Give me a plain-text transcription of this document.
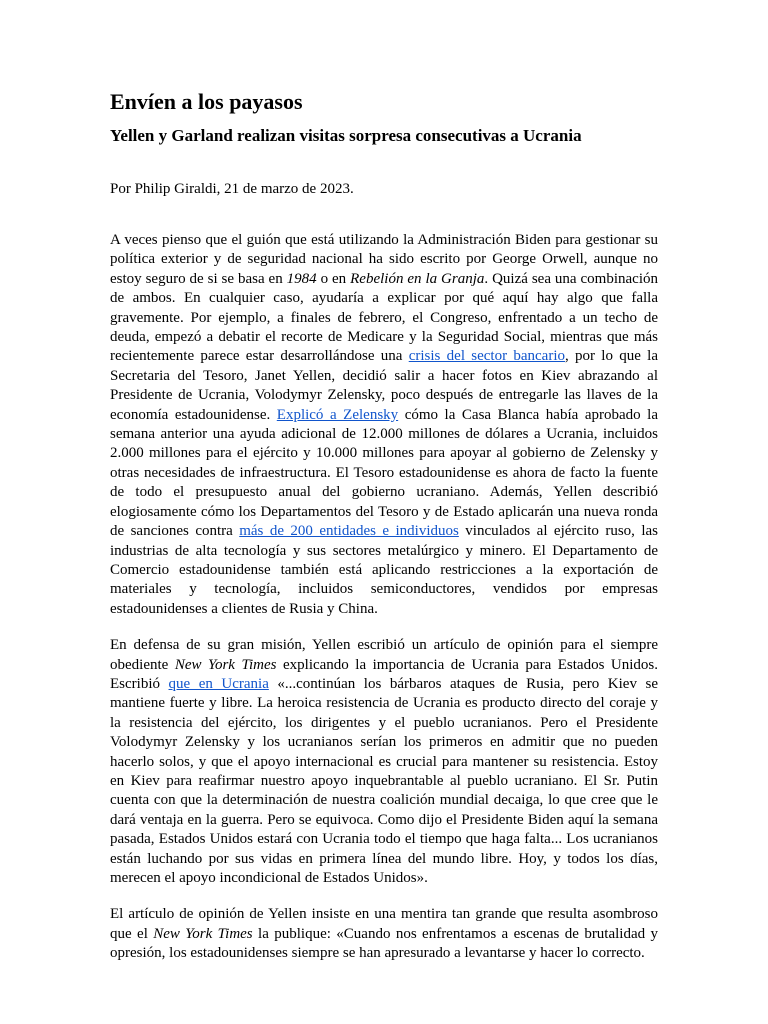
Envíen a los payasos
Yellen y Garland realizan visitas sorpresa consecutivas a Ucrania
Por Philip Giraldi, 21 de marzo de 2023.

A veces pienso que el guión que está utilizando la Administración Biden para gestionar su política exterior y de seguridad nacional ha sido escrito por George Orwell, aunque no estoy seguro de si se basa en 1984 o en Rebelión en la Granja. Quizá sea una combinación de ambos. En cualquier caso, ayudaría a explicar por qué aquí hay algo que falla gravemente. Por ejemplo, a finales de febrero, el Congreso, enfrentado a un techo de deuda, empezó a debatir el recorte de Medicare y la Seguridad Social, mientras que más recientemente parece estar desarrollándose una crisis del sector bancario, por lo que la Secretaria del Tesoro, Janet Yellen, decidió salir a hacer fotos en Kiev abrazando al Presidente de Ucrania, Volodymyr Zelensky, poco después de entregarle las llaves de la economía estadounidense. Explicó a Zelensky cómo la Casa Blanca había aprobado la semana anterior una ayuda adicional de 12.000 millones de dólares a Ucrania, incluidos 2.000 millones para el ejército y 10.000 millones para apoyar al gobierno de Zelensky y otras necesidades de infraestructura. El Tesoro estadounidense es ahora de facto la fuente de todo el presupuesto anual del gobierno ucraniano. Además, Yellen describió elogiosamente cómo los Departamentos del Tesoro y de Estado aplicarán una nueva ronda de sanciones contra más de 200 entidades e individuos vinculados al ejército ruso, las industrias de alta tecnología y sus sectores metalúrgico y minero. El Departamento de Comercio estadounidense también está aplicando restricciones a la exportación de materiales y tecnología, incluidos semiconductores, vendidos por empresas estadounidenses a clientes de Rusia y China.

En defensa de su gran misión, Yellen escribió un artículo de opinión para el siempre obediente New York Times explicando la importancia de Ucrania para Estados Unidos. Escribió que en Ucrania «...continúan los bárbaros ataques de Rusia, pero Kiev se mantiene fuerte y libre. La heroica resistencia de Ucrania es producto directo del coraje y la resistencia del ejército, los dirigentes y el pueblo ucranianos. Pero el Presidente Volodymyr Zelensky y los ucranianos serían los primeros en admitir que no pueden hacerlo solos, y que el apoyo internacional es crucial para mantener su resistencia. Estoy en Kiev para reafirmar nuestro apoyo inquebrantable al pueblo ucraniano. El Sr. Putin cuenta con que la determinación de nuestra coalición mundial decaiga, lo que cree que le dará ventaja en la guerra. Pero se equivoca. Como dijo el Presidente Biden aquí la semana pasada, Estados Unidos estará con Ucrania todo el tiempo que haga falta... Los ucranianos están luchando por sus vidas en primera línea del mundo libre. Hoy, y todos los días, merecen el apoyo incondicional de Estados Unidos».

El artículo de opinión de Yellen insiste en una mentira tan grande que resulta asombroso que el New York Times la publique: «Cuando nos enfrentamos a escenas de brutalidad y opresión, los estadounidenses siempre se han apresurado a levantarse y hacer lo correcto.
